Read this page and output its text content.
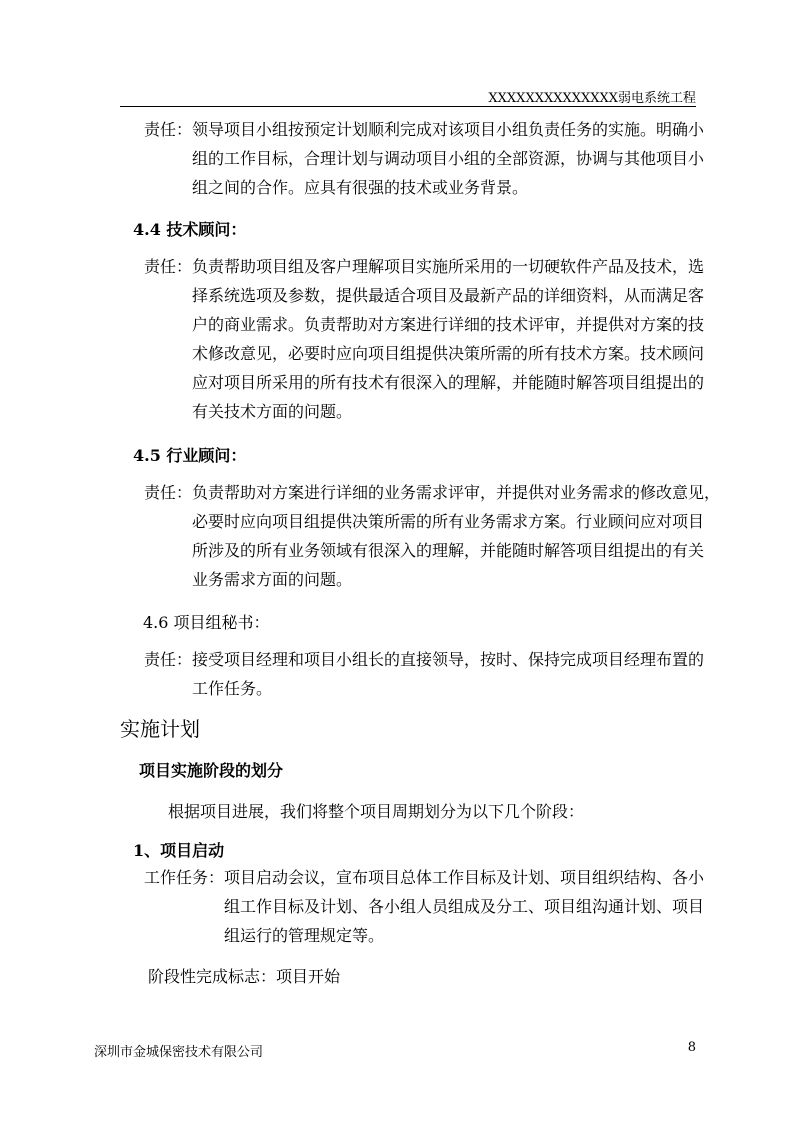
XXXXXXXXXXXXXX弱电系统工程
责任：领导项目小组按预定计划顺利完成对该项目小组负责任务的实施。明确小
组的工作目标，合理计划与调动项目小组的全部资源，协调与其他项目小
组之间的合作。应具有很强的技术或业务背景。
4.4 技术顾问：
责任：负责帮助项目组及客户理解项目实施所采用的一切硬软件产品及技术，选
择系统选项及参数，提供最适合项目及最新产品的详细资料，从而满足客
户的商业需求。负责帮助对方案进行详细的技术评审，并提供对方案的技
术修改意见，必要时应向项目组提供决策所需的所有技术方案。技术顾问
应对项目所采用的所有技术有很深入的理解，并能随时解答项目组提出的
有关技术方面的问题。
4.5 行业顾问：
责任：负责帮助对方案进行详细的业务需求评审，并提供对业务需求的修改意见，
必要时应向项目组提供决策所需的所有业务需求方案。行业顾问应对项目
所涉及的所有业务领域有很深入的理解，并能随时解答项目组提出的有关
业务需求方面的问题。
4.6 项目组秘书：
责任：接受项目经理和项目小组长的直接领导，按时、保持完成项目经理布置的
工作任务。
实施计划
项目实施阶段的划分
根据项目进展，我们将整个项目周期划分为以下几个阶段：
1、项目启动
工作任务：项目启动会议，宣布项目总体工作目标及计划、项目组织结构、各小
组工作目标及计划、各小组人员组成及分工、项目组沟通计划、项目
组运行的管理规定等。
阶段性完成标志：项目开始
深圳市金城保密技术有限公司	8
